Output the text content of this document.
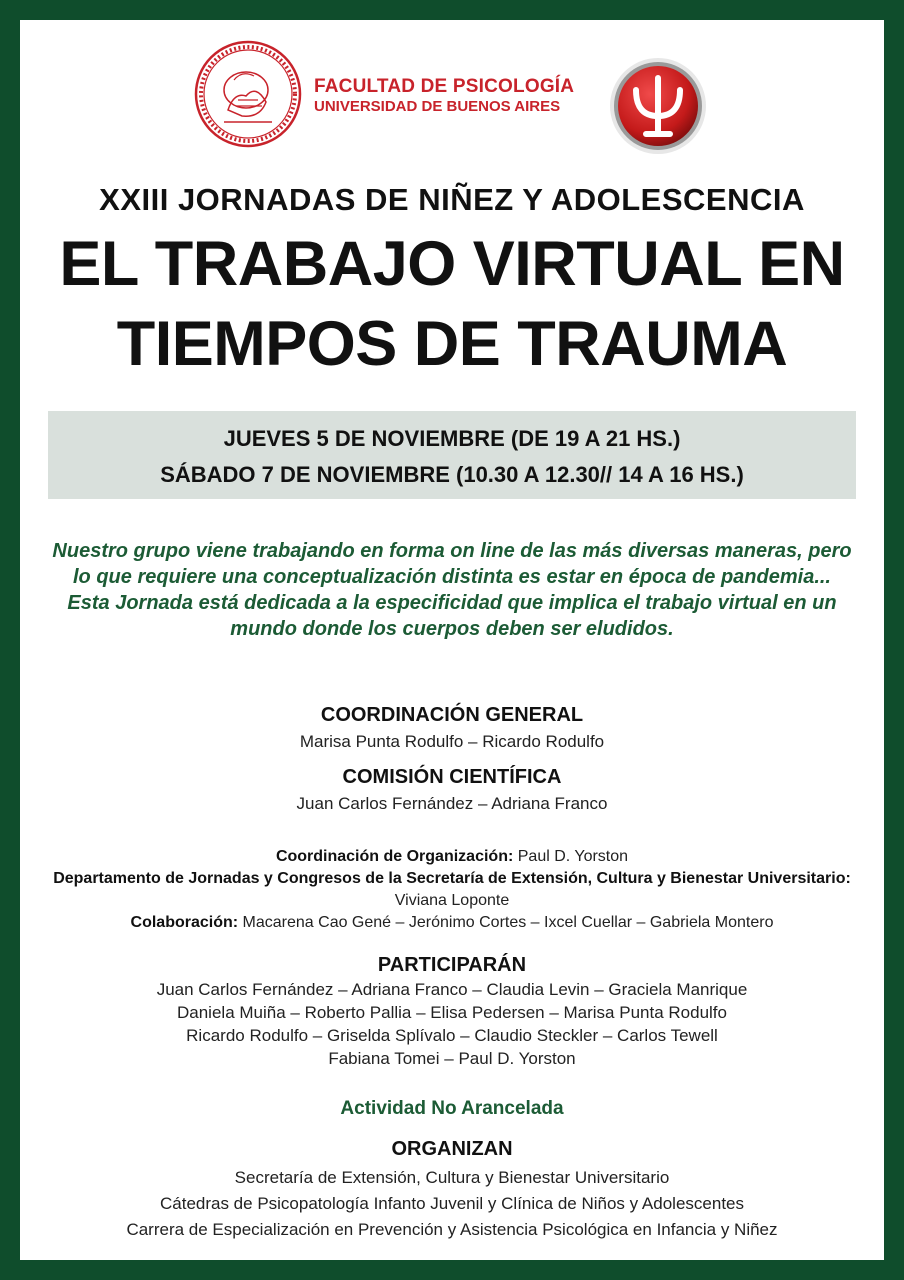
FACULTAD DE PSICOLOGÍA
UNIVERSIDAD DE BUENOS AIRES
XXIII JORNADAS DE NIÑEZ Y ADOLESCENCIA
EL TRABAJO VIRTUAL EN
TIEMPOS DE TRAUMA
JUEVES 5 DE NOVIEMBRE (DE 19 A 21 HS.)
SÁBADO 7 DE NOVIEMBRE (10.30 A 12.30// 14 A 16 HS.)
Nuestro grupo viene trabajando en forma on line de las más diversas maneras, pero lo que requiere una conceptualización distinta es estar en época de pandemia... Esta Jornada está dedicada a la especificidad que implica el trabajo virtual en un mundo donde los cuerpos deben ser eludidos.
COORDINACIÓN GENERAL
Marisa Punta Rodulfo – Ricardo Rodulfo
COMISIÓN CIENTÍFICA
Juan Carlos Fernández – Adriana Franco
Coordinación de Organización: Paul D. Yorston
Departamento de Jornadas y Congresos de la Secretaría de Extensión, Cultura y Bienestar Universitario: Viviana Loponte
Colaboración: Macarena Cao Gené – Jerónimo Cortes – Ixcel Cuellar – Gabriela Montero
PARTICIPARÁN
Juan Carlos Fernández – Adriana Franco – Claudia Levin – Graciela Manrique
Daniela Muiña – Roberto Pallia – Elisa Pedersen – Marisa Punta Rodulfo
Ricardo Rodulfo – Griselda Splívalo – Claudio Steckler – Carlos Tewell
Fabiana Tomei – Paul D. Yorston
Actividad No Arancelada
ORGANIZAN
Secretaría de Extensión, Cultura y Bienestar Universitario
Cátedras de Psicopatología Infanto Juvenil y Clínica de Niños y Adolescentes
Carrera de Especialización en Prevención y Asistencia Psicológica en Infancia y Niñez
